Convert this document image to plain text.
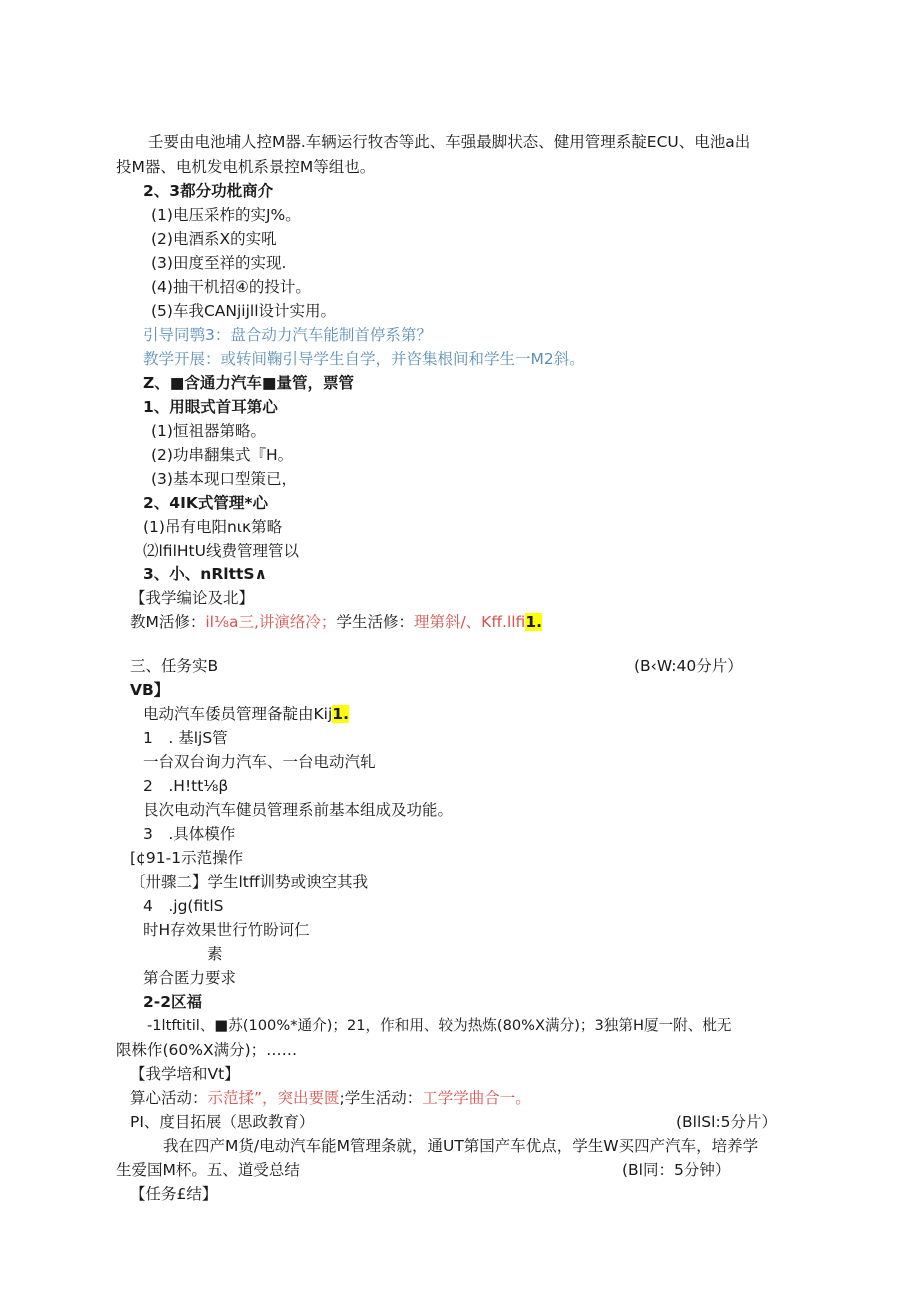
壬要由电池埔人控M器.车辆运行牧杏等此、车强最脚状态、健用管理系靛ECU、电池a出
投M器、电机发电机系景控M等组也。
2、3都分功枇商介
(1)电压采柞的实J%。
(2)电酒系X的实吼
(3)田度至祥的实现.
(4)抽干机招④的投计。
(5)车我CANjijll设计实用。
引导同鹗3：盘合动力汽车能制首停系第？
教学开展：或转间鞠引导学生自学，并咨集根间和学生一M2斜。
Z、■含通力汽车■量管，票管
1、用眼式首耳第心
(1)恒祖器第略。
(2)功串翻集式『H。
(3)基本现口型策已，
2、4IK式管理*心
(1)吊有电阳nικ第略
⑵lfilHtU线费管理管以
3、小、nRlttS∧
【我学编论及北】
教M活修：il⅛a三,讲演络冷；学生活修：理第斜/、Kff.llfi1.
三、任务实B	(B‹W:40分片）
VB】
电动汽车倭员管理备靛由Kij1.
1　. 基ljS管
一台双台询力汽车、一台电动汽轧
2　.H!tt⅛β
艮次电动汽车健员管理系前基本组成及功能。
3　.具体模作
[¢91-1示范操作
〔卅骤二】学生ltff训势或谀空其我
4　.jg(fitlS
时H存效果世行竹盼诃仁
素
第合匿力要求
2-2区福
-1ltftitil、■苏(100%*通介)；21，作和用、较为热炼(80%X满分)；3独第H厦一附、枇无
限株作(60%X满分)；……
【我学培和Vt】
算心活动：示范揉”，突出要匮;学生活动：工学学曲合一。
PI、度目拓展（思政教育）	(BllSl:5分片）
我在四产M货/电动汽车能M管理条就，通UT第国产车优点，学生W买四产汽车，培养学
生爱国M杯。五、道受总结	(Bl同：5分钟）
【任务£结】
